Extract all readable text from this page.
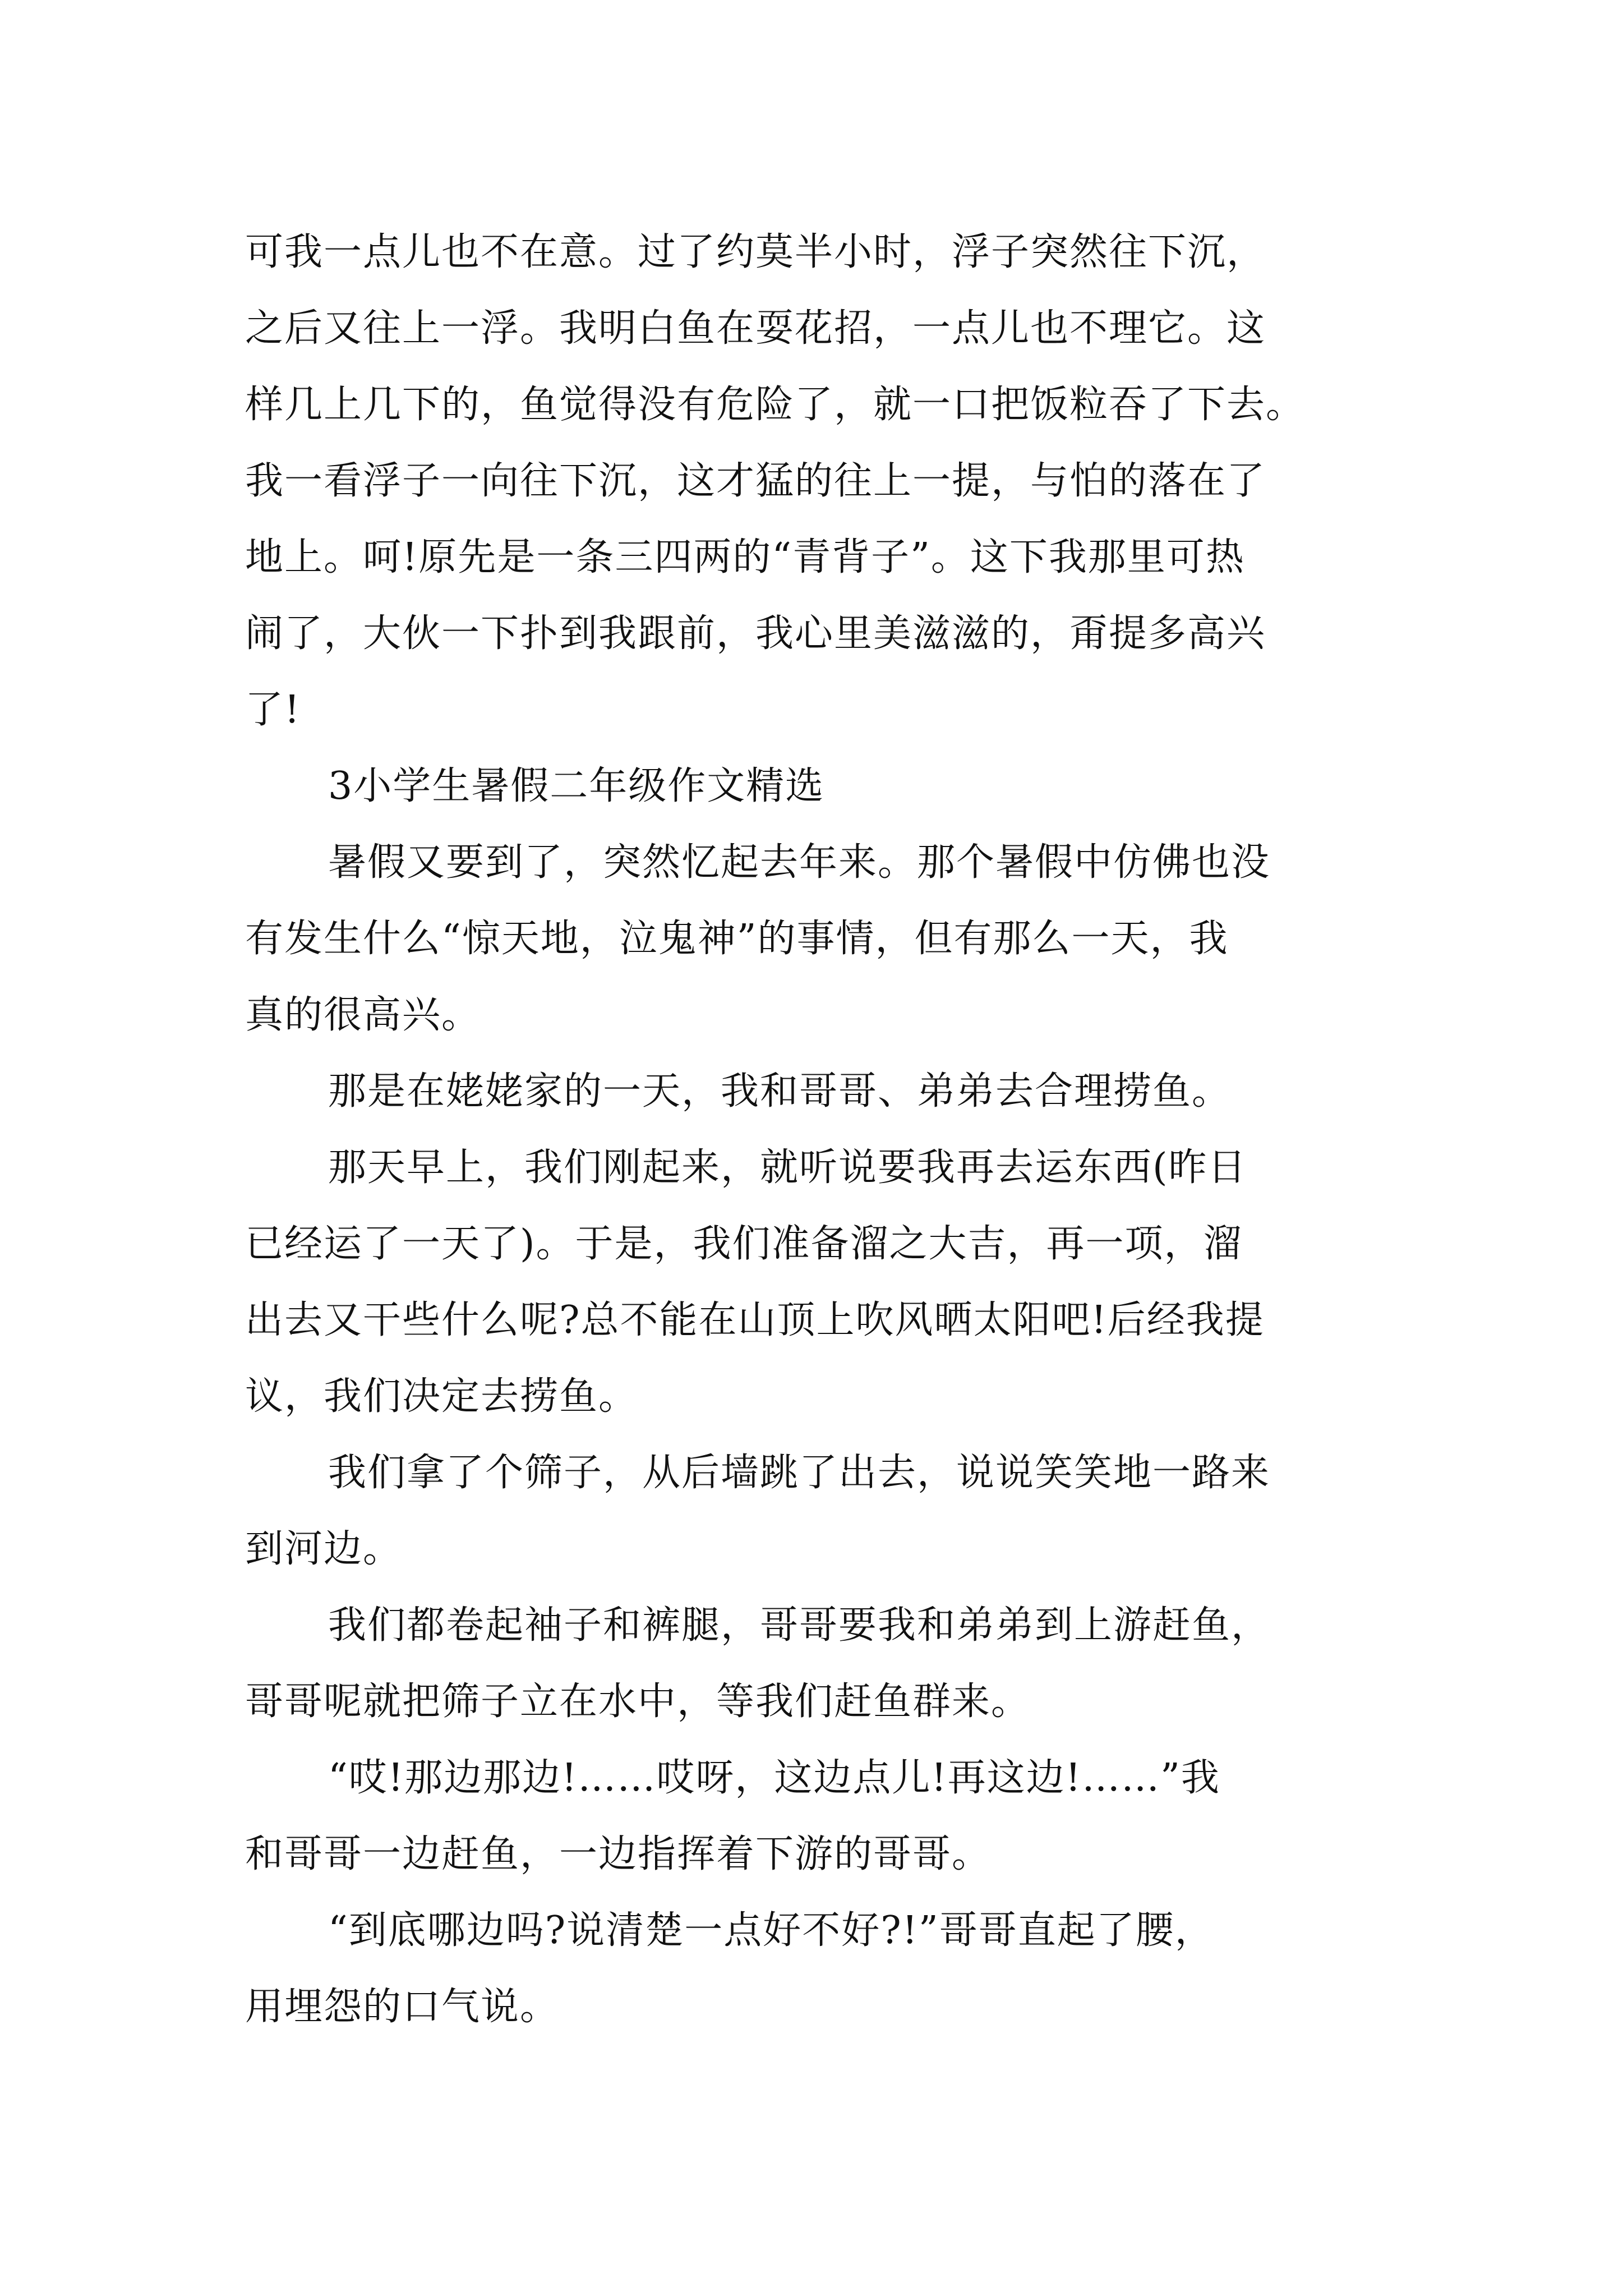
可我一点儿也不在意。过了约莫半小时，浮子突然往下沉，
之后又往上一浮。我明白鱼在耍花招，一点儿也不理它。这
样几上几下的，鱼觉得没有危险了，就一口把饭粒吞了下去。
我一看浮子一向往下沉，这才猛的往上一提，与怕的落在了
地上。呵!原先是一条三四两的“青背子”。这下我那里可热
闹了，大伙一下扑到我跟前，我心里美滋滋的，甭提多高兴
了!
3小学生暑假二年级作文精选
暑假又要到了，突然忆起去年来。那个暑假中仿佛也没
有发生什么“惊天地，泣鬼神”的事情，但有那么一天，我
真的很高兴。
那是在姥姥家的一天，我和哥哥、弟弟去合理捞鱼。
那天早上，我们刚起来，就听说要我再去运东西(昨日
已经运了一天了)。于是，我们准备溜之大吉，再一项，溜
出去又干些什么呢?总不能在山顶上吹风晒太阳吧!后经我提
议，我们决定去捞鱼。
我们拿了个筛子，从后墙跳了出去，说说笑笑地一路来
到河边。
我们都卷起袖子和裤腿，哥哥要我和弟弟到上游赶鱼，
哥哥呢就把筛子立在水中，等我们赶鱼群来。
“哎!那边那边!……哎呀，这边点儿!再这边!……”我
和哥哥一边赶鱼，一边指挥着下游的哥哥。
“到底哪边吗?说清楚一点好不好?!”哥哥直起了腰，
用埋怨的口气说。
